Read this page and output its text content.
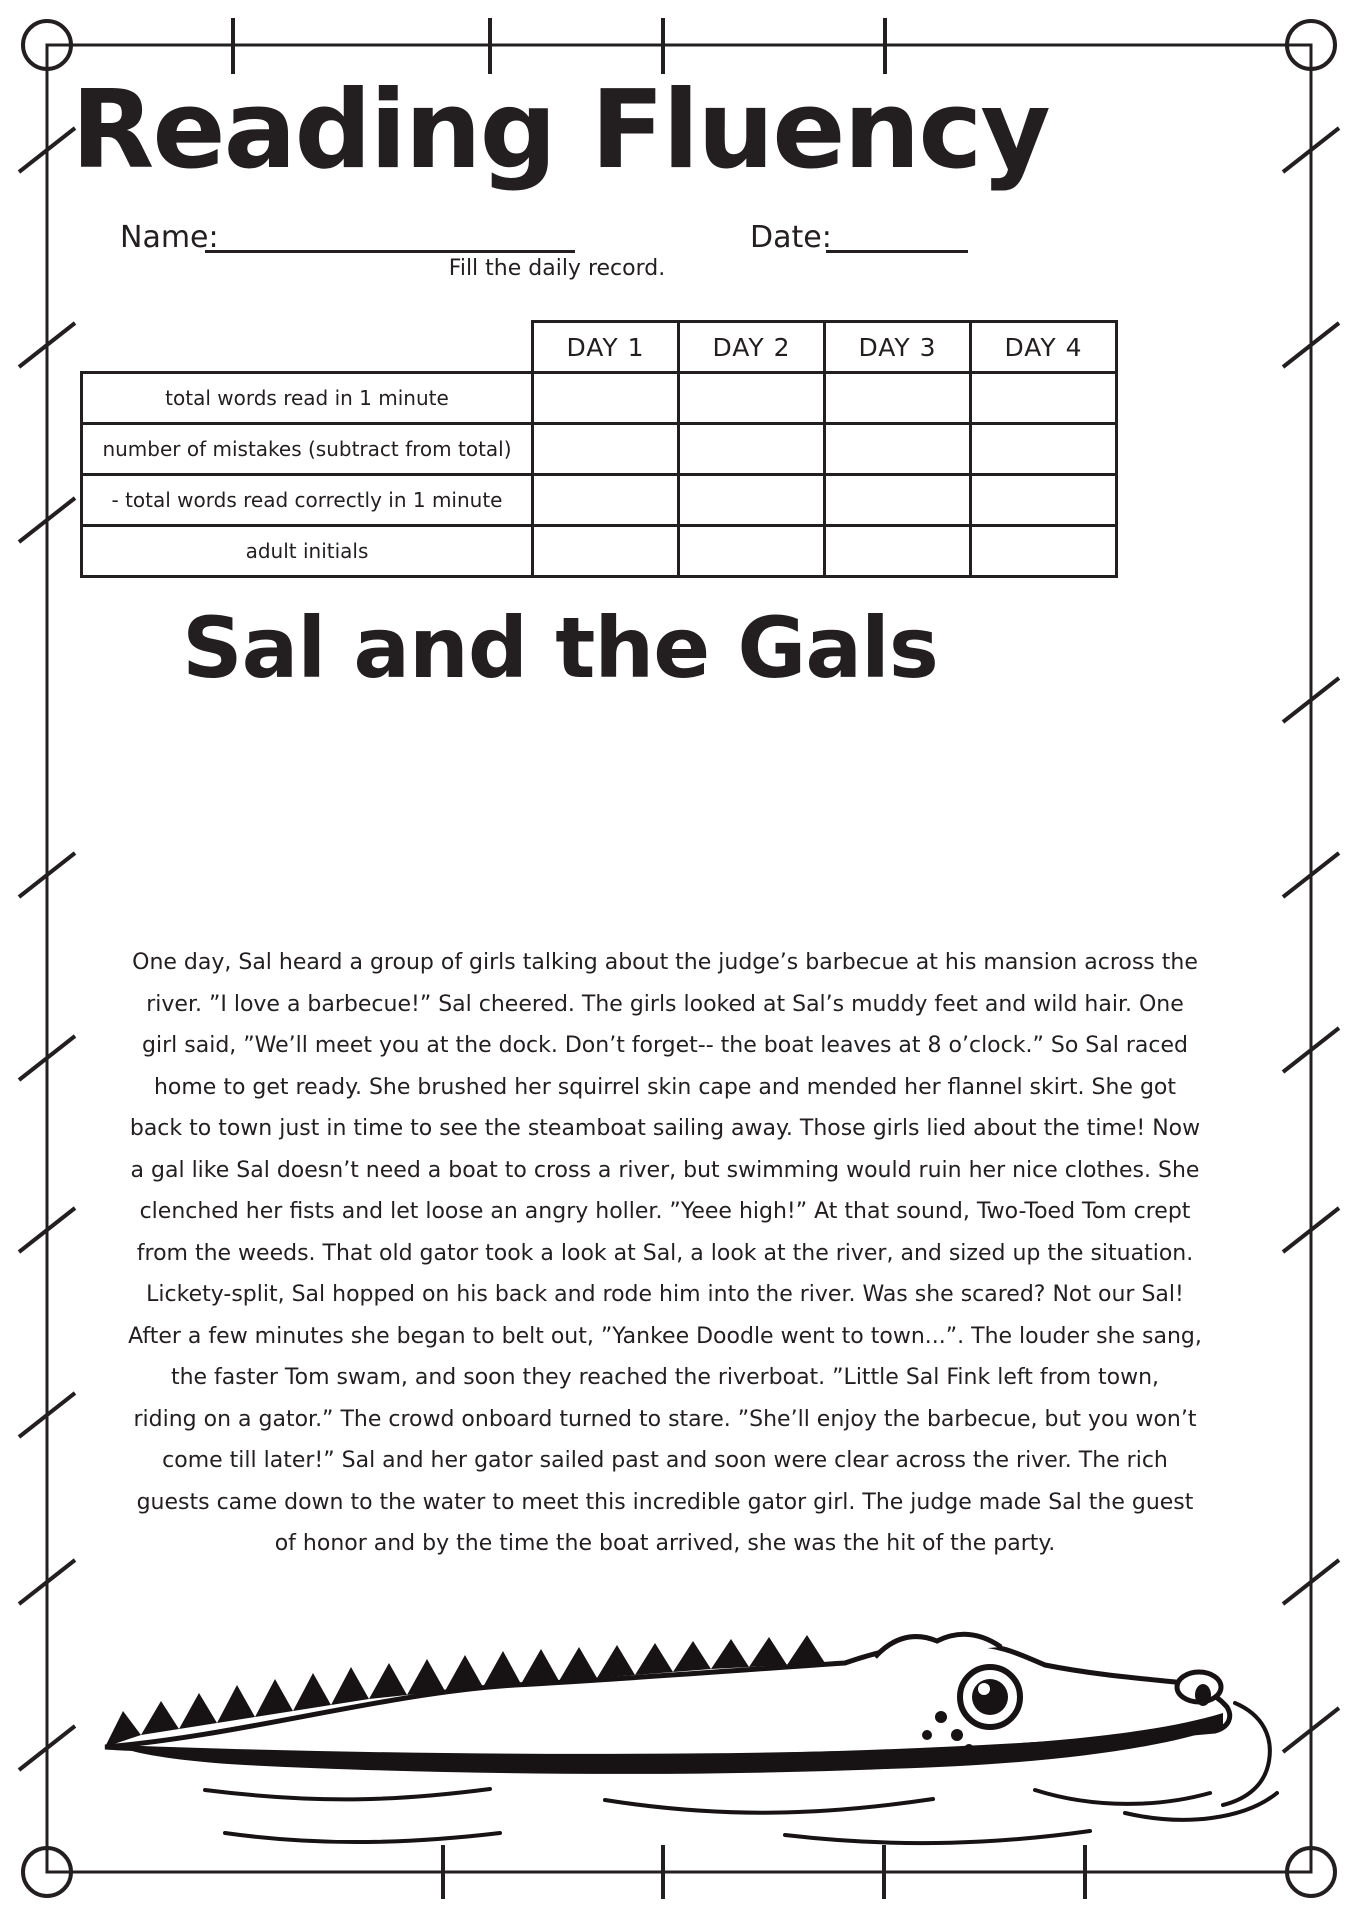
Reading Fluency
Name:	Date:
Fill the daily record.
	DAY 1	DAY 2	DAY 3	DAY 4
total words read in 1 minute				
number of mistakes (subtract from total)				
- total words read correctly in 1 minute				
adult initials				
Sal and the Gals
One day, Sal heard a group of girls talking about the judge’s barbecue at his mansion across the
river. ”I love a barbecue!” Sal cheered. The girls looked at Sal’s muddy feet and wild hair. One
girl said, ”We’ll meet you at the dock. Don’t forget-- the boat leaves at 8 o’clock.” So Sal raced
home to get ready. She brushed her squirrel skin cape and mended her flannel skirt. She got
back to town just in time to see the steamboat sailing away. Those girls lied about the time! Now
a gal like Sal doesn’t need a boat to cross a river, but swimming would ruin her nice clothes. She
clenched her fists and let loose an angry holler. ”Yeee high!” At that sound, Two-Toed Tom crept
from the weeds. That old gator took a look at Sal, a look at the river, and sized up the situation.
Lickety-split, Sal hopped on his back and rode him into the river. Was she scared? Not our Sal!
After a few minutes she began to belt out, ”Yankee Doodle went to town...”. The louder she sang,
the faster Tom swam, and soon they reached the riverboat. ”Little Sal Fink left from town,
riding on a gator.” The crowd onboard turned to stare. ”She’ll enjoy the barbecue, but you won’t
come till later!” Sal and her gator sailed past and soon were clear across the river. The rich
guests came down to the water to meet this incredible gator girl. The judge made Sal the guest
of honor and by the time the boat arrived, she was the hit of the party.
